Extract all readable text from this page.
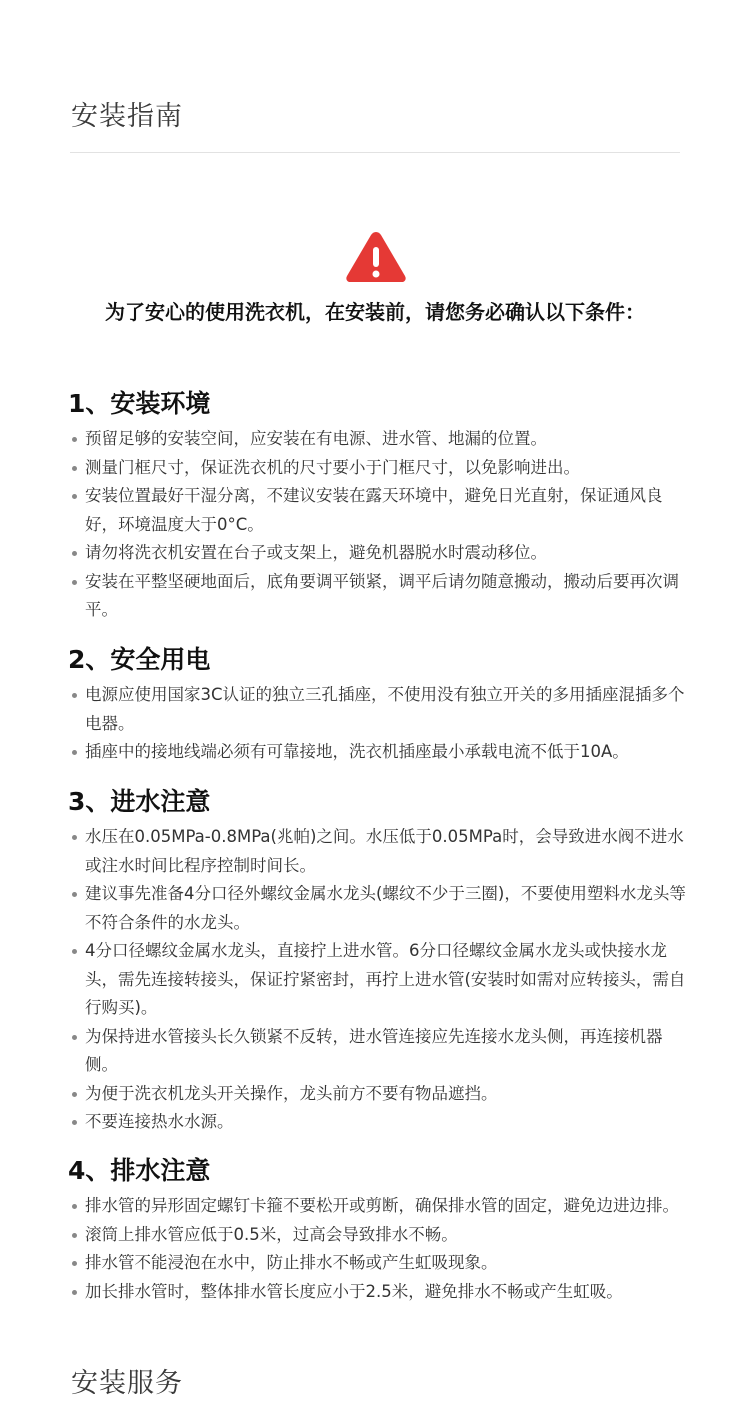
安装指南

为了安心的使用洗衣机，在安装前，请您务必确认以下条件：

1、安装环境
预留足够的安装空间，应安装在有电源、进水管、地漏的位置。
测量门框尺寸，保证洗衣机的尺寸要小于门框尺寸，以免影响进出。
安装位置最好干湿分离，不建议安装在露天环境中，避免日光直射，保证通风良好，环境温度大于0°C。
请勿将洗衣机安置在台子或支架上，避免机器脱水时震动移位。
安装在平整坚硬地面后，底角要调平锁紧，调平后请勿随意搬动，搬动后要再次调平。
2、安全用电
电源应使用国家3C认证的独立三孔插座，不使用没有独立开关的多用插座混插多个电器。
插座中的接地线端必须有可靠接地，洗衣机插座最小承载电流不低于10A。
3、进水注意
水压在0.05MPa-0.8MPa(兆帕)之间。水压低于0.05MPa时，会导致进水阀不进水或注水时间比程序控制时间长。
建议事先准备4分口径外螺纹金属水龙头(螺纹不少于三圈)，不要使用塑料水龙头等不符合条件的水龙头。
4分口径螺纹金属水龙头，直接拧上进水管。6分口径螺纹金属水龙头或快接水龙头，需先连接转接头，保证拧紧密封，再拧上进水管(安装时如需对应转接头，需自行购买)。
为保持进水管接头长久锁紧不反转，进水管连接应先连接水龙头侧，再连接机器侧。
为便于洗衣机龙头开关操作，龙头前方不要有物品遮挡。
不要连接热水水源。
4、排水注意
排水管的异形固定螺钉卡箍不要松开或剪断，确保排水管的固定，避免边进边排。
滚筒上排水管应低于0.5米，过高会导致排水不畅。
排水管不能浸泡在水中，防止排水不畅或产生虹吸现象。
加长排水管时，整体排水管长度应小于2.5米，避免排水不畅或产生虹吸。
安装服务
